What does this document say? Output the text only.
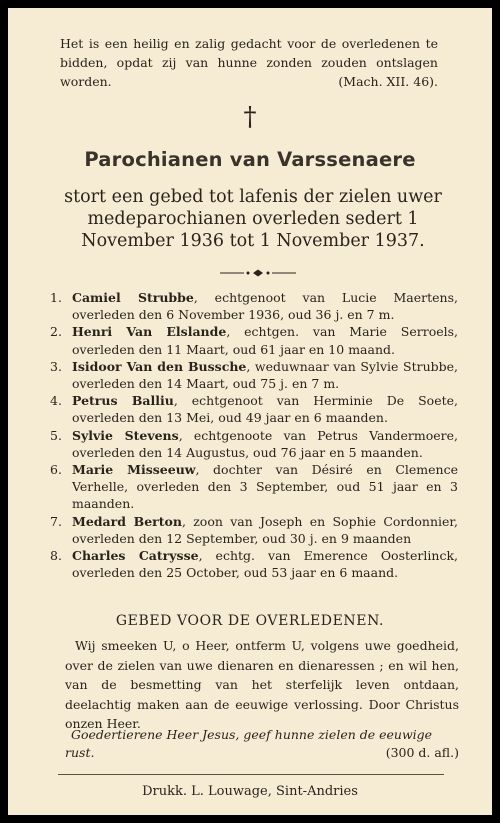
Het is een heilig en zalig gedacht voor de overledenen te bidden, opdat zij van hunne zonden zouden ontslagen worden.	(Mach. XII. 46).
†
Parochianen van Varssenaere
stort een gebed tot lafenis der zielen uwer medeparochianen overleden sedert 1 November 1936 tot 1 November 1937.
1. Camiel Strubbe, echtgenoot van Lucie Maertens, overleden den 6 November 1936, oud 36 j. en 7 m.
2. Henri Van Elslande, echtgen. van Marie Serroels, overleden den 11 Maart, oud 61 jaar en 10 maand.
3. Isidoor Van den Bussche, weduwnaar van Sylvie Strubbe, overleden den 14 Maart, oud 75 j. en 7 m.
4. Petrus Balliu, echtgenoot van Herminie De Soete, overleden den 13 Mei, oud 49 jaar en 6 maanden.
5. Sylvie Stevens, echtgenoote van Petrus Vandermoere, overleden den 14 Augustus, oud 76 jaar en 5 maanden.
6. Marie Misseeuw, dochter van Désiré en Clemence Verhelle, overleden den 3 September, oud 51 jaar en 3 maanden.
7. Medard Berton, zoon van Joseph en Sophie Cordonnier, overleden den 12 September, oud 30 j. en 9 maanden
8. Charles Catrysse, echtg. van Emerence Oosterlinck, overleden den 25 October, oud 53 jaar en 6 maand.
GEBED VOOR DE OVERLEDENEN.
Wij smeeken U, o Heer, ontferm U, volgens uwe goedheid, over de zielen van uwe dienaren en dienaressen ; en wil hen, van de besmetting van het sterfelijk leven ontdaan, deelachtig maken aan de eeuwige verlossing. Door Christus onzen Heer.
Goedertierene Heer Jesus, geef hunne zielen de eeuwige rust.	(300 d. afl.)
Drukk. L. Louwage, Sint-Andries
